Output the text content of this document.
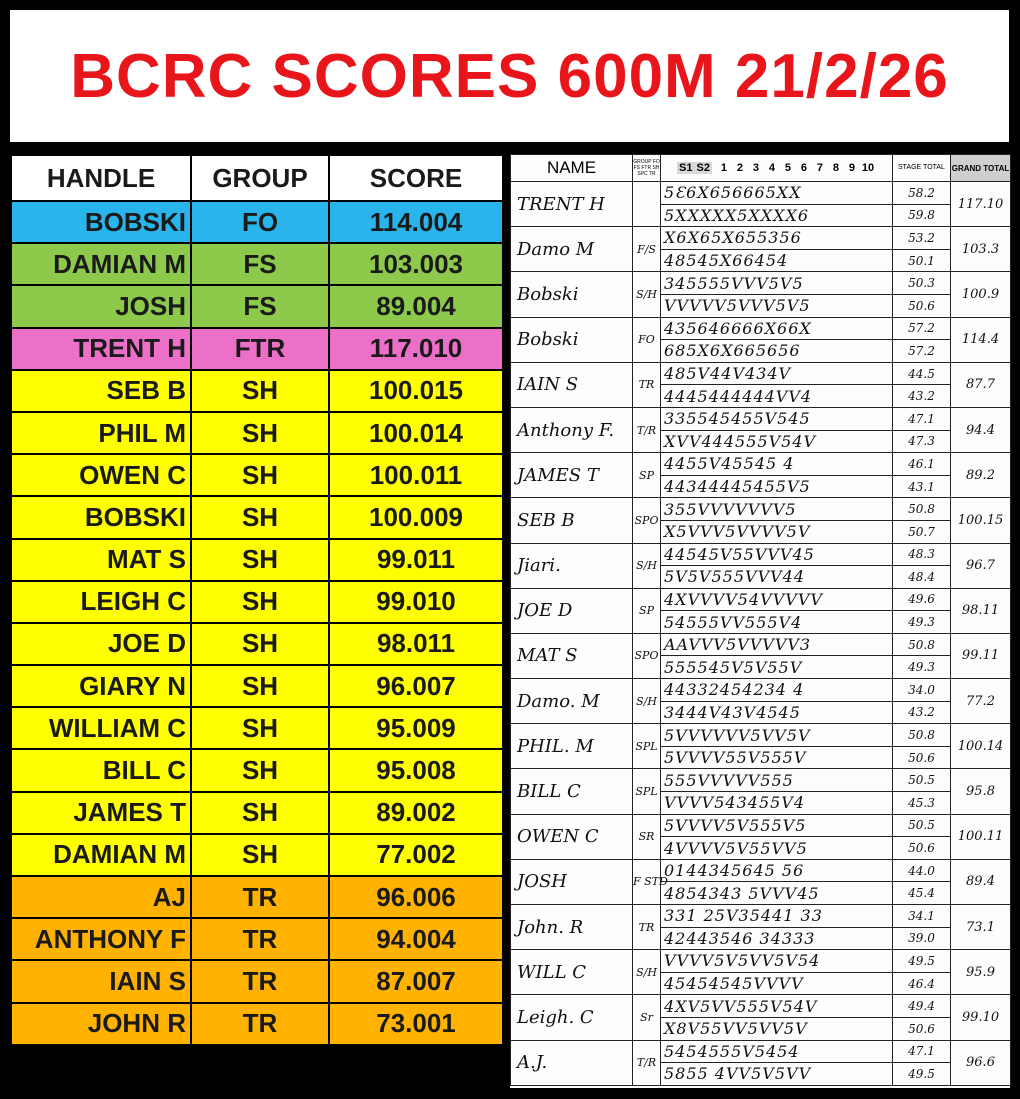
BCRC SCORES 600M 21/2/26
HANDLE	GROUP	SCORE
BOBSKI	FO	114.004
DAMIAN M	FS	103.003
JOSH	FS	89.004
TRENT H	FTR	117.010
SEB B	SH	100.015
PHIL M	SH	100.014
OWEN C	SH	100.011
BOBSKI	SH	100.009
MAT S	SH	99.011
LEIGH C	SH	99.010
JOE D	SH	98.011
GIARY N	SH	96.007
WILLIAM C	SH	95.009
BILL C	SH	95.008
JAMES T	SH	89.002
DAMIAN M	SH	77.002
AJ	TR	96.006
ANTHONY F	TR	94.004
IAIN S	TR	87.007
JOHN R	TR	73.001
NAME	GROUP FO FS FTR SH SPC TR	S1 S2 1 2 3 4 5 6 7 8 9 10	STAGE TOTAL	GRAND TOTAL
TRENT H		5Ɛ6X656665XX	58.2	117.10
		5XXXXX5XXXX6	59.8	
Damo M	F/S	X6X65X655356	53.2	103.3
		48545X66454	50.1	
Bobski	S/H	345555VVV5V5	50.3	100.9
		VVVVV5VVV5V5	50.6	
Bobski	FO	435646666X66X	57.2	114.4
		685X6X665656	57.2	
IAIN S	TR	485V44V434V	44.5	87.7
		4445444444VV4	43.2	
Anthony F.	T/R	335545455V545	47.1	94.4
		XVV444555V54V	47.3	
JAMES T	SP	4455V45545 4	46.1	89.2
		44344445455V5	43.1	
SEB B	SPO	355VVVVVVV5	50.8	100.15
		X5VVV5VVVV5V	50.7	
Jiari.	S/H	44545V55VVV45	48.3	96.7
		5V5V555VVV44	48.4	
JOE D	SP	4XVVVV54VVVVV	49.6	98.11
		54555VV555V4	49.3	
MAT S	SPO	AAVVV5VVVVV3	50.8	99.11
		555545V5V55V	49.3	
Damo. M	S/H	44332454234 4	34.0	77.2
		3444V43V4545	43.2	
PHIL. M	SPL	5VVVVVV5VV5V	50.8	100.14
		5VVVV55V555V	50.6	
BILL C	SPL	555VVVVV555	50.5	95.8
		VVVV543455V4	45.3	
OWEN C	SR	5VVVV5V555V5	50.5	100.11
		4VVVV5V55VV5	50.6	
JOSH	F STD	0144345645 56	44.0	89.4
		4854343 5VVV45	45.4	
John. R	TR	331 25V35441 33	34.1	73.1
		42443546 34333	39.0	
WILL C	S/H	VVVV5V5VV5V54	49.5	95.9
		45454545VVVV	46.4	
Leigh. C	Sr	4XV5VV555V54V	49.4	99.10
		X8V55VV5VV5V	50.6	
A.J.	T/R	5454555V5454	47.1	96.6
		5855 4VV5V5VV	49.5	
